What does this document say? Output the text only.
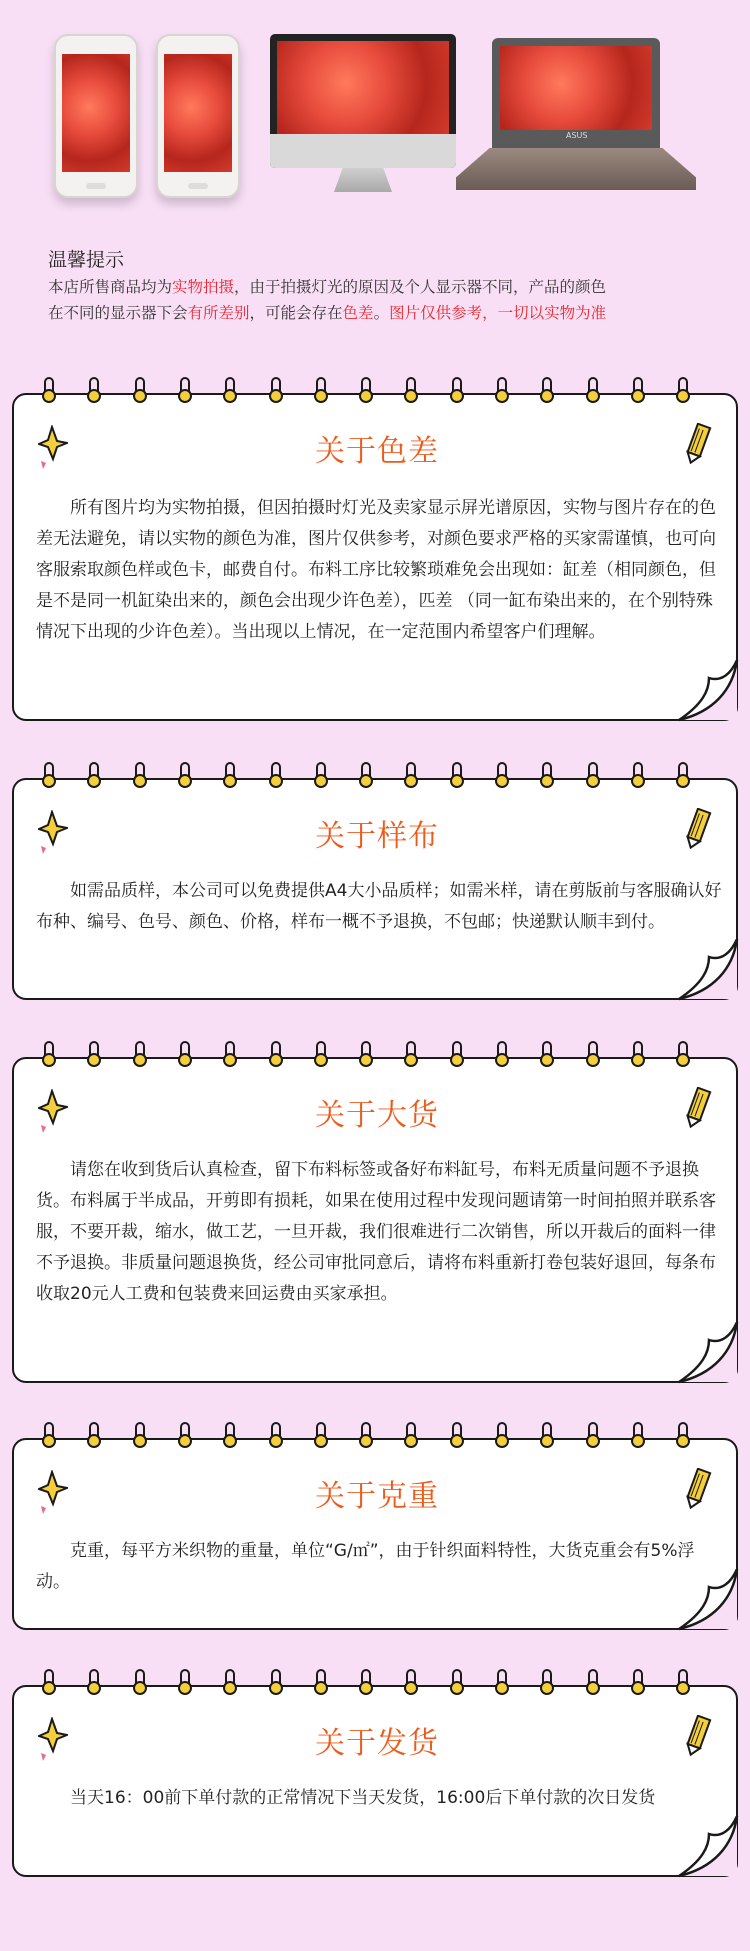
ASUS
温馨提示
本店所售商品均为实物拍摄，由于拍摄灯光的原因及个人显示器不同，产品的颜色
在不同的显示器下会有所差别，可能会存在色差。图片仅供参考，一切以实物为准
关于色差
所有图片均为实物拍摄，但因拍摄时灯光及卖家显示屏光谱原因，实物与图片存在的色差无法避免，请以实物的颜色为准，图片仅供参考，对颜色要求严格的买家需谨慎，也可向客服索取颜色样或色卡，邮费自付。布料工序比较繁琐难免会出现如：缸差（相同颜色，但是不是同一机缸染出来的，颜色会出现少许色差），匹差 （同一缸布染出来的，在个别特殊情况下出现的少许色差）。当出现以上情况，在一定范围内希望客户们理解。
关于样布
如需品质样，本公司可以免费提供A4大小品质样；如需米样，请在剪版前与客服确认好布种、编号、色号、颜色、价格，样布一概不予退换，不包邮；快递默认顺丰到付。
关于大货
请您在收到货后认真检查，留下布料标签或备好布料缸号，布料无质量问题不予退换货。布料属于半成品，开剪即有损耗，如果在使用过程中发现问题请第一时间拍照并联系客服，不要开裁，缩水，做工艺，一旦开裁，我们很难进行二次销售，所以开裁后的面料一律不予退换。非质量问题退换货，经公司审批同意后，请将布料重新打卷包装好退回，每条布收取20元人工费和包装费来回运费由买家承担。
关于克重
克重，每平方米织物的重量，单位“G/㎡”，由于针织面料特性，大货克重会有5%浮动。
关于发货
当天16：00前下单付款的正常情况下当天发货，16:00后下单付款的次日发货
